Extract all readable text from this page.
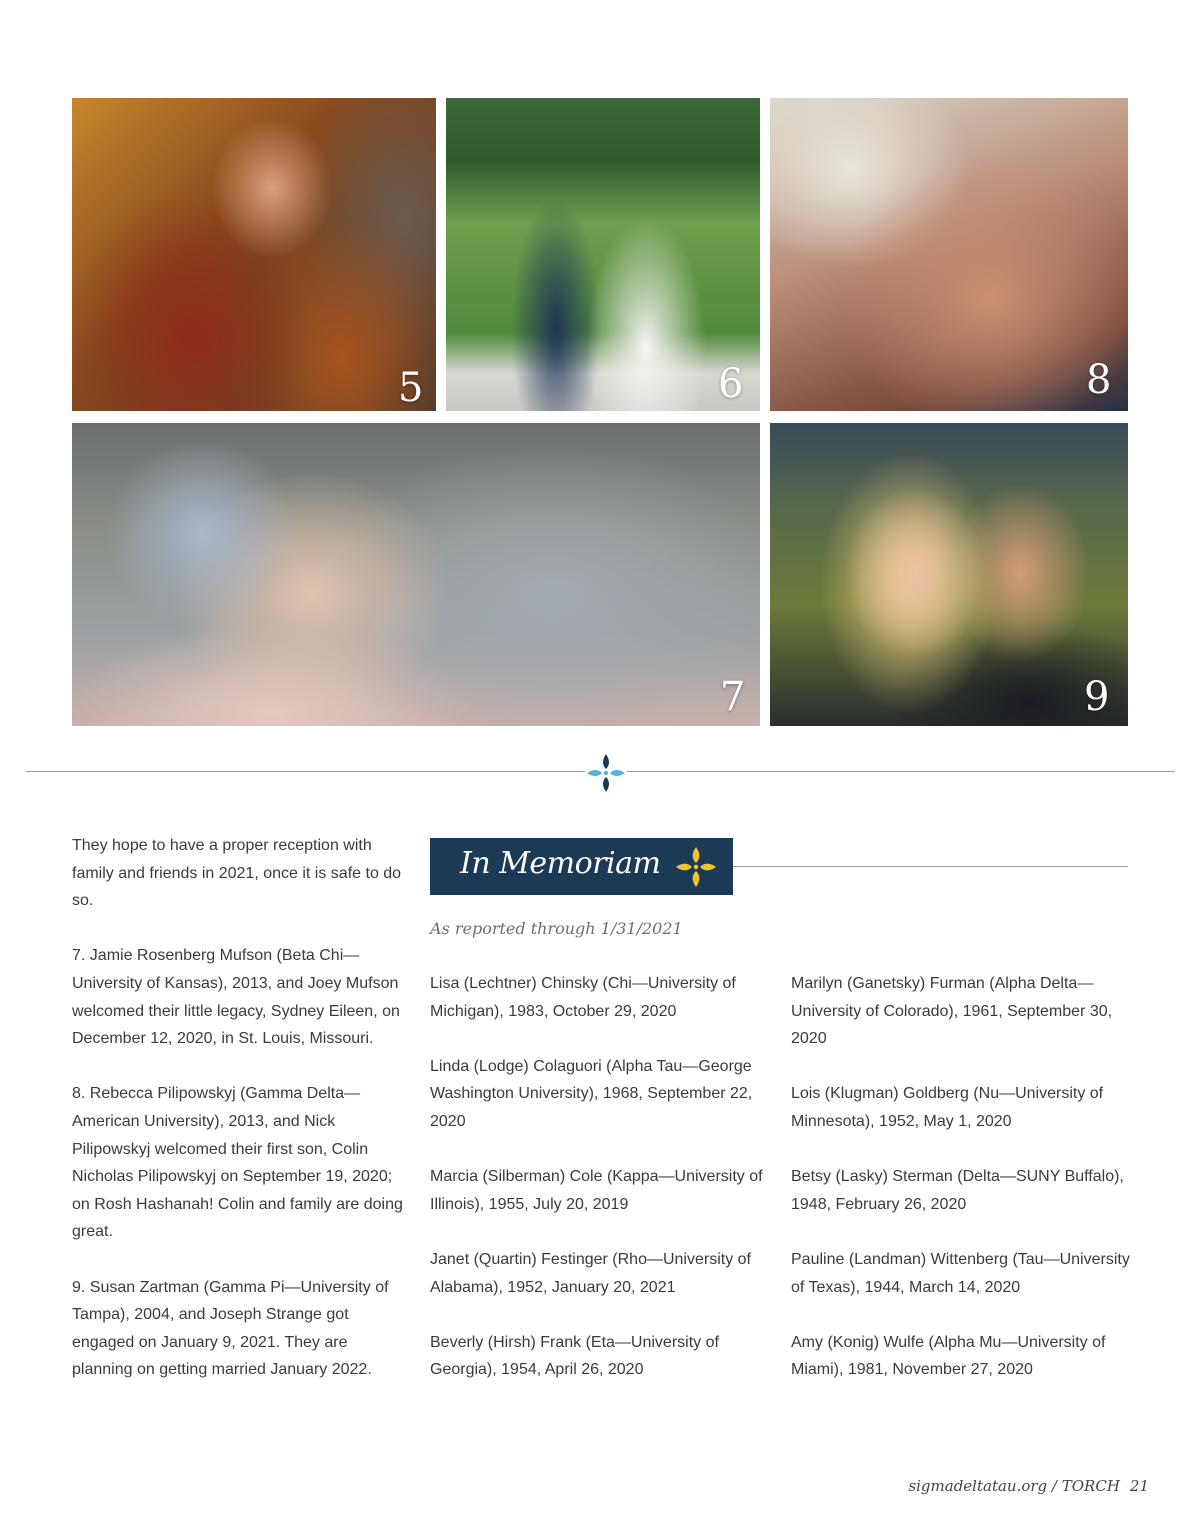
5	6	8
7	9

They hope to have a proper reception with family and friends in 2021, once it is safe to do so.

7. Jamie Rosenberg Mufson (Beta Chi—University of Kansas), 2013, and Joey Mufson welcomed their little legacy, Sydney Eileen, on December 12, 2020, in St. Louis, Missouri.

8. Rebecca Pilipowskyj (Gamma Delta—American University), 2013, and Nick Pilipowskyj welcomed their first son, Colin Nicholas Pilipowskyj on September 19, 2020; on Rosh Hashanah! Colin and family are doing great.

9. Susan Zartman (Gamma Pi—University of Tampa), 2004, and Joseph Strange got engaged on January 9, 2021. They are planning on getting married January 2022.

In Memoriam
As reported through 1/31/2021

Lisa (Lechtner) Chinsky (Chi—University of Michigan), 1983, October 29, 2020

Linda (Lodge) Colaguori (Alpha Tau—George Washington University), 1968, September 22, 2020

Marcia (Silberman) Cole (Kappa—University of Illinois), 1955, July 20, 2019

Janet (Quartin) Festinger (Rho—University of Alabama), 1952, January 20, 2021

Beverly (Hirsh) Frank (Eta—University of Georgia), 1954, April 26, 2020

Marilyn (Ganetsky) Furman (Alpha Delta—University of Colorado), 1961, September 30, 2020

Lois (Klugman) Goldberg (Nu—University of Minnesota), 1952, May 1, 2020

Betsy (Lasky) Sterman (Delta—SUNY Buffalo), 1948, February 26, 2020

Pauline (Landman) Wittenberg (Tau—University of Texas), 1944, March 14, 2020

Amy (Konig) Wulfe (Alpha Mu—University of Miami), 1981, November 27, 2020

sigmadeltatau.org / TORCH 21
